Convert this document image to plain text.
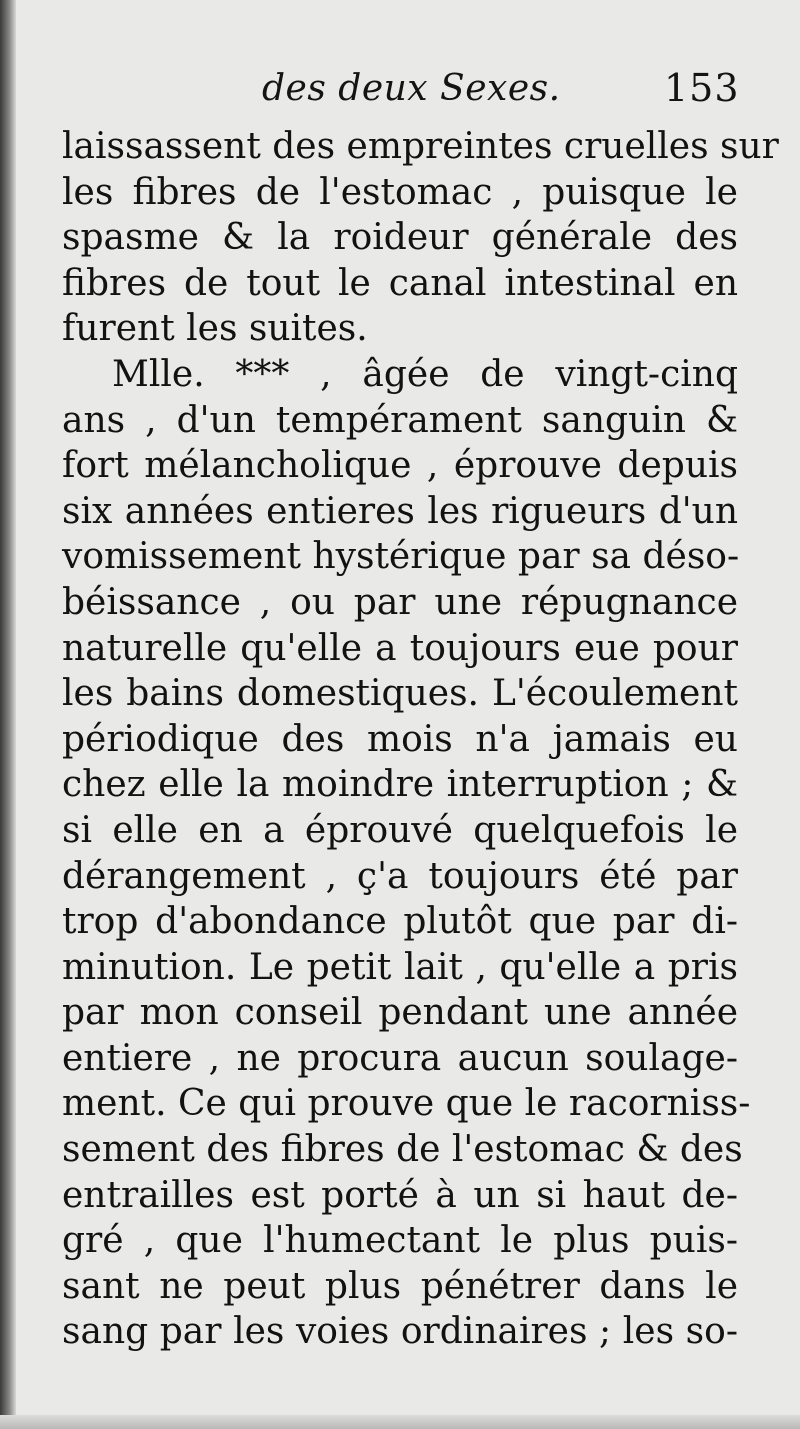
des deux Sexes.	153
laissassent des empreintes cruelles sur
les fibres de l'estomac , puisque le
spasme & la roideur générale des
fibres de tout le canal intestinal en
furent les suites.
Mlle. *** , âgée de vingt-cinq
ans , d'un tempérament sanguin &
fort mélancholique , éprouve depuis
six années entieres les rigueurs d'un
vomissement hystérique par sa déso-
béissance , ou par une répugnance
naturelle qu'elle a toujours eue pour
les bains domestiques. L'écoulement
périodique des mois n'a jamais eu
chez elle la moindre interruption ; &
si elle en a éprouvé quelquefois le
dérangement , ç'a toujours été par
trop d'abondance plutôt que par di-
minution. Le petit lait , qu'elle a pris
par mon conseil pendant une année
entiere , ne procura aucun soulage-
ment. Ce qui prouve que le racorniss-
sement des fibres de l'estomac & des
entrailles est porté à un si haut de-
gré , que l'humectant le plus puis-
sant ne peut plus pénétrer dans le
sang par les voies ordinaires ; les so-
